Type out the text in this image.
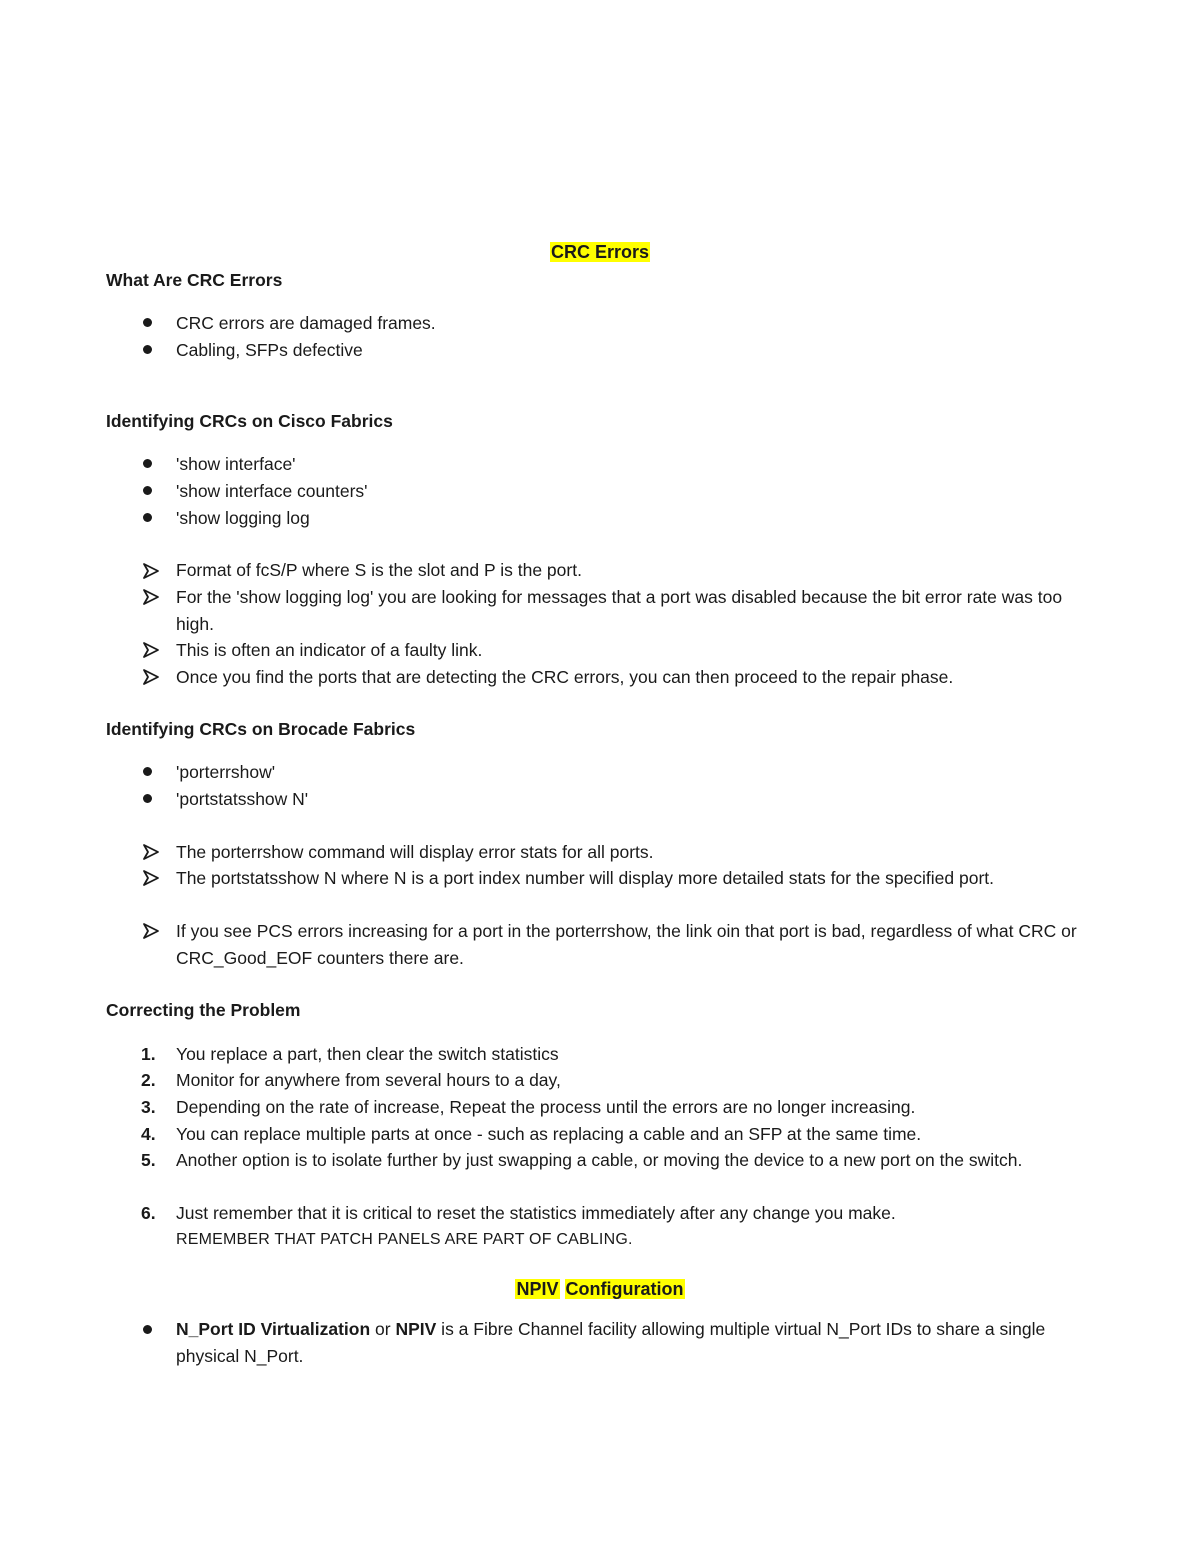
CRC Errors
What Are CRC Errors
CRC errors are damaged frames.
Cabling, SFPs defective
Identifying CRCs on Cisco Fabrics
'show interface'
'show interface counters'
'show logging log
Format of fcS/P where S is the slot and P is the port.
For the 'show logging log' you are looking for messages that a port was disabled because the bit error rate was too high.
This is often an indicator of a faulty link.
Once you find the ports that are detecting the CRC errors, you can then proceed to the repair phase.
Identifying CRCs on Brocade Fabrics
'porterrshow'
'portstatsshow N'
The porterrshow command will display error stats for all ports.
The portstatsshow N where N is a port index number will display more detailed stats for the specified port.
If you see PCS errors increasing for a port in the porterrshow, the link oin that port is bad, regardless of what CRC or CRC_Good_EOF counters there are.
Correcting the Problem
1. You replace a part, then clear the switch statistics
2. Monitor for anywhere from several hours to a day,
3. Depending on the rate of increase, Repeat the process until the errors are no longer increasing.
4. You can replace multiple parts at once - such as replacing a cable and an SFP at the same time.
5. Another option is to isolate further by just swapping a cable, or moving the device to a new port on the switch.
6. Just remember that it is critical to reset the statistics immediately after any change you make.
REMEMBER THAT PATCH PANELS ARE PART OF CABLING.
NPIV Configuration
N_Port ID Virtualization or NPIV is a Fibre Channel facility allowing multiple virtual N_Port IDs to share a single physical N_Port.
